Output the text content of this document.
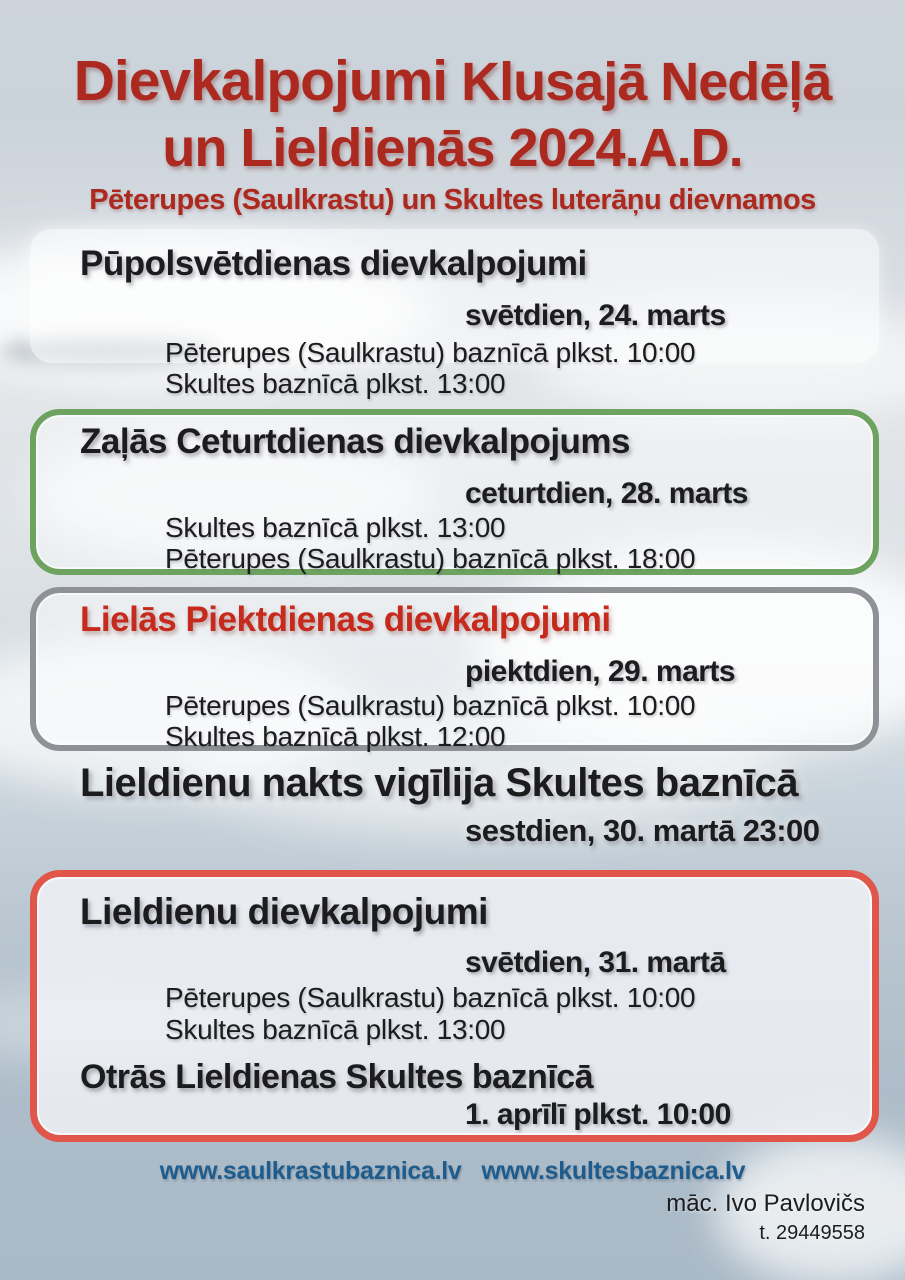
Dievkalpojumi Klusajā Nedēļā
un Lieldienās 2024.A.D.
Pēterupes (Saulkrastu) un Skultes luterāņu dievnamos
Pūpolsvētdienas dievkalpojumi
svētdien, 24. marts
Pēterupes (Saulkrastu) baznīcā plkst. 10:00
Skultes baznīcā plkst. 13:00
Zaļās Ceturtdienas dievkalpojums
ceturtdien, 28. marts
Skultes baznīcā plkst. 13:00
Pēterupes (Saulkrastu) baznīcā plkst. 18:00
Lielās Piektdienas dievkalpojumi
piektdien, 29. marts
Pēterupes (Saulkrastu) baznīcā plkst. 10:00
Skultes baznīcā plkst. 12:00
Lieldienu nakts vigīlija Skultes baznīcā
sestdien, 30. martā 23:00
Lieldienu dievkalpojumi
svētdien, 31. martā
Pēterupes (Saulkrastu) baznīcā plkst. 10:00
Skultes baznīcā plkst. 13:00
Otrās Lieldienas Skultes baznīcā
1. aprīlī plkst. 10:00
www.saulkrastubaznica.lv www.skultesbaznica.lv
māc. Ivo Pavlovičs
t. 29449558
